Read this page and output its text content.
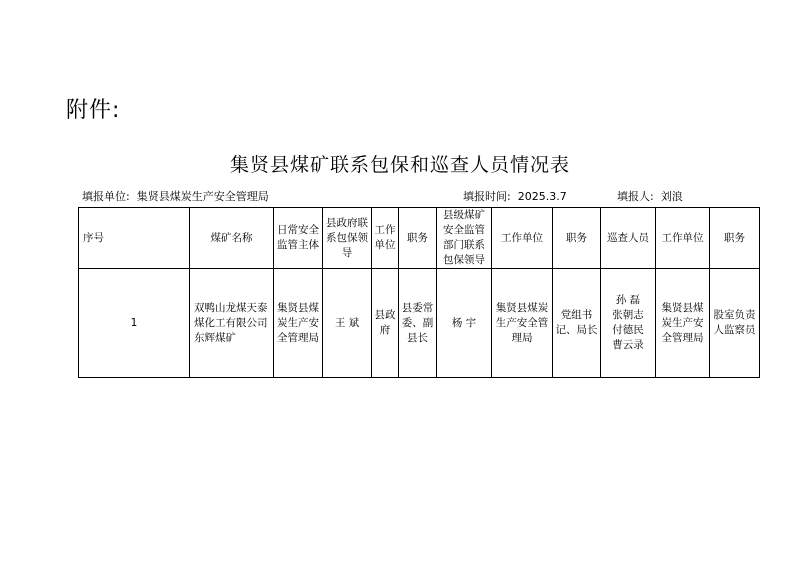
附件:
集贤县煤矿联系包保和巡查人员情况表
填报单位: 集贤县煤炭生产安全管理局	填报时间: 2025.3.7	填报人: 刘浪
序号	煤矿名称	日常安全监管主体	县政府联系包保领导	工作单位	职务	县级煤矿安全监管部门联系包保领导	工作单位	职务	巡查人员	工作单位	职务
1	双鸭山龙煤天泰煤化工有限公司东辉煤矿	集贤县煤炭生产安全管理局	王 斌	县政府	县委常委、副县长	杨 宇	集贤县煤炭生产安全管理局	党组书记、局长	孙 磊
张朝志
付德民
曹云录	集贤县煤炭生产安全管理局	股室负责人监察员
